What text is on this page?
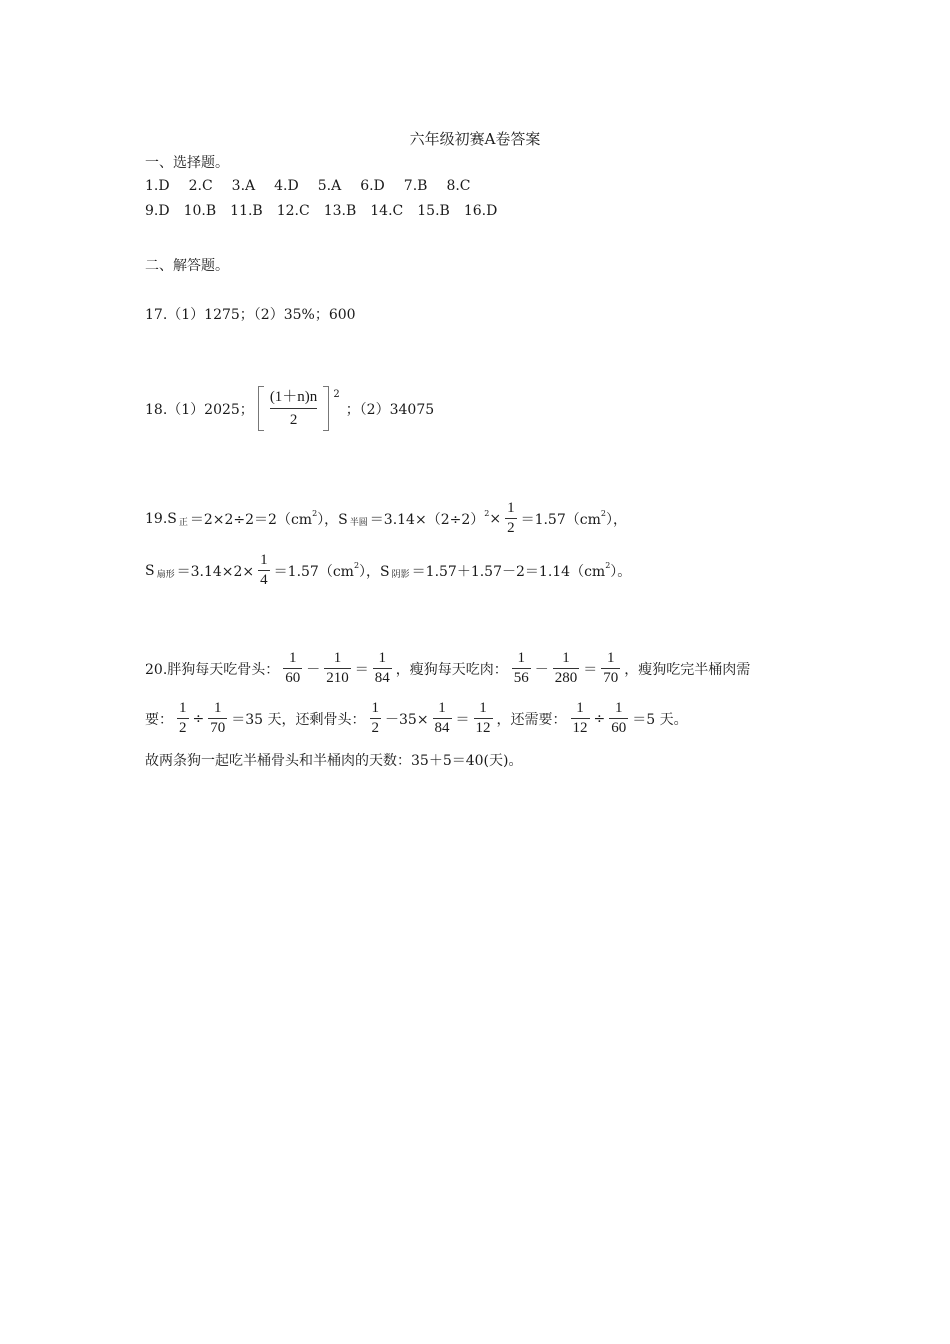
六年级初赛A卷答案
一、选择题。
1.D 2.C 3.A 4.D 5.A 6.D 7.B 8.C
9.D 10.B 11.B 12.C 13.B 14.C 15.B 16.D
二、解答题。
17.（1）1275；（2）35%；600
18.（1）2025；
(1＋n)n
2
$^2$
；（2）34075
19.S 正 ＝2×2÷2＝2（cm 2 ），S 半圆 ＝3.14×（2÷2） $2 \times \frac{1}{2} =1.57(cm$ 2 ），
S 扇形 $=3.14\times 2\times \frac{1}{4} =1.57(cm$ 2 ），S 阴影 ＝1.57＋1.57－2＝1.14（cm 2 ）。
20.胖狗每天吃骨头： $\frac{1}{60} - \frac{1}{210} = \frac{1}{84}$ ，瘦狗每天吃肉： $\frac{1}{56} - \frac{1}{280} = \frac{1}{70}$ ，瘦狗吃完半桶肉需
要： $\frac{1}{2} \div \frac{1}{70} =35$ 天，还剩骨头： $\frac{1}{2} -35\times \frac{1}{84} = \frac{1}{12}$ ，还需要： $\frac{1}{12} \div \frac{1}{60} =5$ 天。
故两条狗一起吃半桶骨头和半桶肉的天数：35＋5＝40(天)。
